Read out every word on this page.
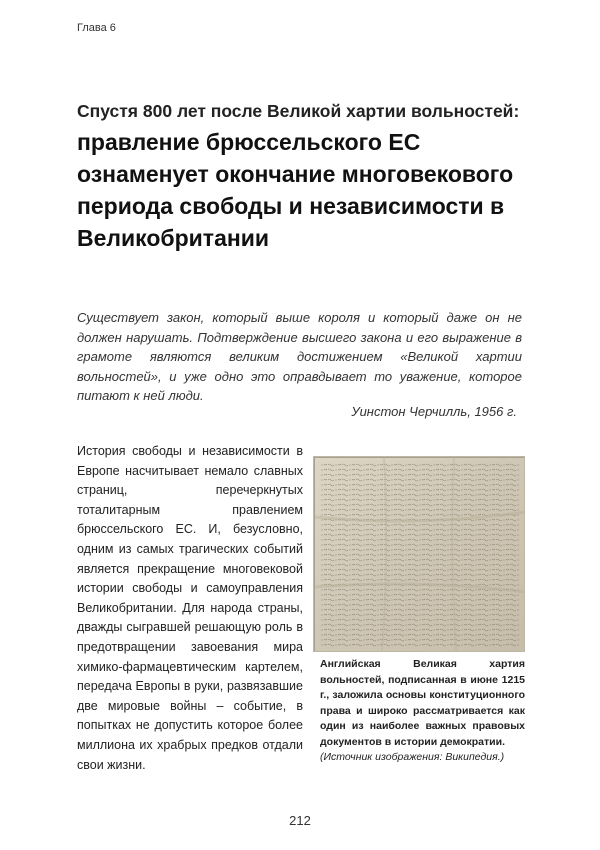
Глава 6

Спустя 800 лет после Великой хартии вольностей:

правление брюссельского ЕС ознаменует окончание многовекового периода свободы и независимости в Великобритании

Существует закон, который выше короля и который даже он не должен нарушать. Подтверждение высшего закона и его выражение в грамоте являются великим достижением «Великой хартии вольностей», и уже одно это оправдывает то уважение, которое питают к ней люди.
Уинстон Черчилль, 1956 г.
История свободы и независимости в Европе насчитывает немало славных страниц, перечеркнутых тоталитарным правлением брюссельского ЕС. И, безусловно, одним из самых трагических событий является прекращение многовековой истории свободы и самоуправления Великобритании. Для народа страны, дважды сыгравшей решающую роль в предотвращении завоевания мира химико-фармацевтическим картелем, передача Европы в руки, развязавшие две мировые войны – событие, в попытках не допустить которое более миллиона их храбрых предков отдали свои жизни.
Английская Великая хартия вольностей, подписанная в июне 1215 г., заложила основы конституционного права и широко рассматривается как один из наиболее важных правовых документов в истории демократии.
(Источник изображения: Википедия.)
212
